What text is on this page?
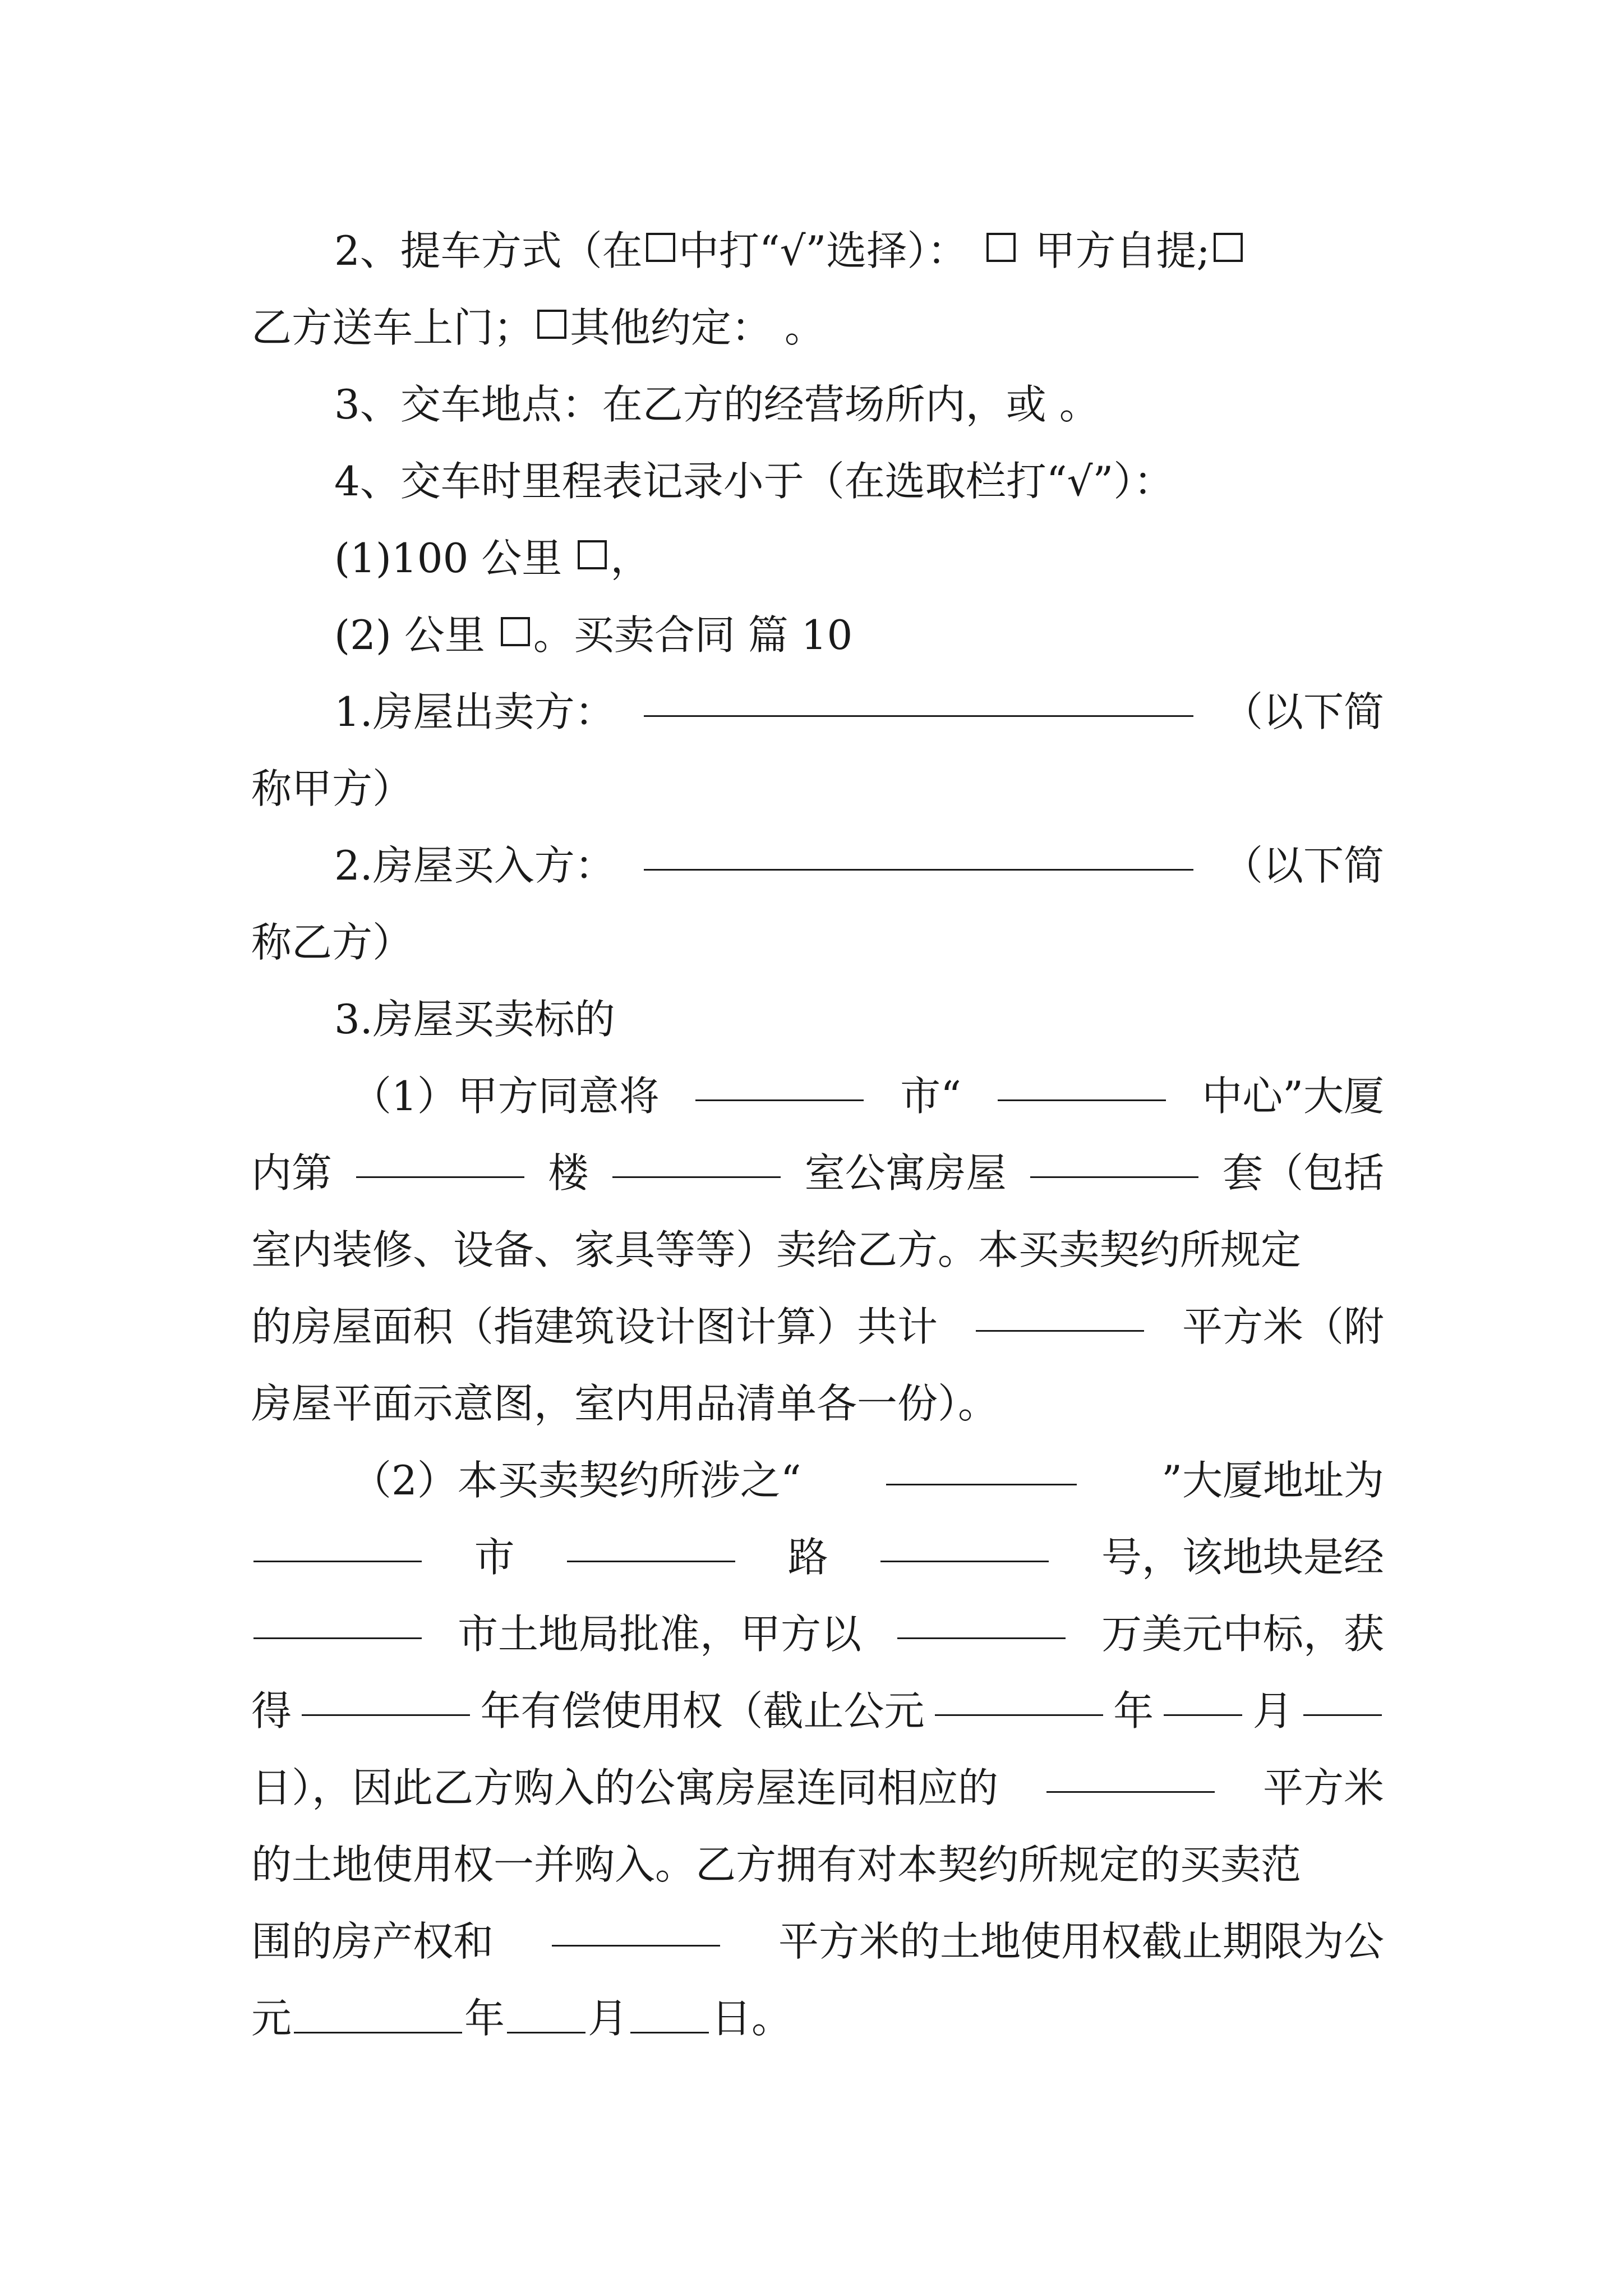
2、提车方式（在 中打“√”选择）： 甲方自提;
乙方送车上门； 其他约定： 。
3、交车地点：在乙方的经营场所内，或 。
4、交车时里程表记录小于（在选取栏打“√”）：
(1)100 公里 ，
(2) 公里 。买卖合同 篇 10
1.房屋出卖方：	（以下简
称甲方）
2.房屋买入方：	（以下简
称乙方）
3.房屋买卖标的
（1）甲方同意将	市“	中心”大厦
内第	楼	室公寓房屋	套（包括
室内装修、设备、家具等等）卖给乙方。本买卖契约所规定
的房屋面积（指建筑设计图计算）共计	平方米（附
房屋平面示意图，室内用品清单各一份）。
（2）本买卖契约所涉之“	”大厦地址为
市	路	号，该地块是经
市土地局批准，甲方以	万美元中标，获
得	年有偿使用权（截止公元	年 月
日），因此乙方购入的公寓房屋连同相应的	平方米
的土地使用权一并购入。乙方拥有对本契约所规定的买卖范
围的房产权和	平方米的土地使用权截止期限为公
元	年 月 日。
